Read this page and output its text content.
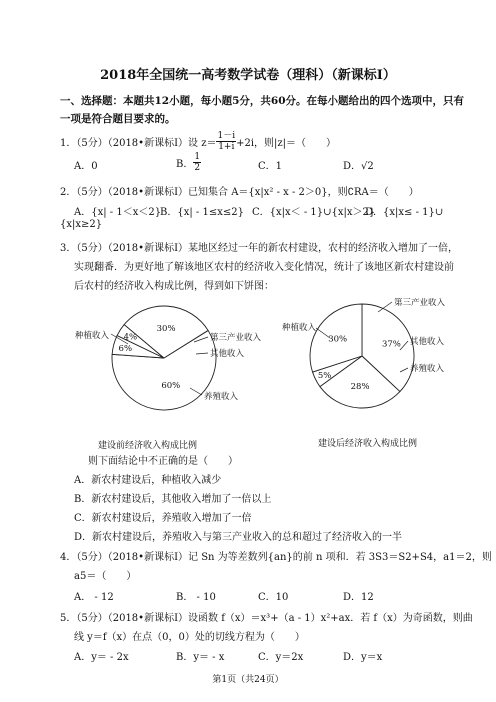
2018年全国统一高考数学试卷（理科）（新课标Ⅰ）
一、选择题：本题共12小题，每小题5分，共60分。在每小题给出的四个选项中，只有
一项是符合题目要求的。
1．（5分）（2018•新课标Ⅰ）设 $z= \frac{1-i}{1+i} +2i$，则|z|＝（　　）
A．0	B． $\frac{1}{2}$	C．1	D．√2
2．（5分）（2018•新课标Ⅰ）已知集合 A＝{x|x² - x - 2＞0}，则∁RA＝（　　）
A．{x| - 1＜x＜2}
B．{x| - 1≤x≤2} C．{x|x＜ - 1}∪{x|x＞2}
D．{x|x≤ - 1}∪
{x|x≥2}
3．（5分）（2018•新课标Ⅰ）某地区经过一年的新农村建设，农村的经济收入增加了一倍，
实现翻番．为更好地了解该地区农村的经济收入变化情况，统计了该地区新农村建设前
后农村的经济收入构成比例，得到如下饼图：
60%
6%
4%
30%
种植收入	第三产业收入
其他收入
养殖收入
建设前经济收入构成比例
37%
28%
5%
30%
种植收入
第三产业收入
其他收入
养殖收入
建设后经济收入构成比例
则下面结论中不正确的是（　　）
A．新农村建设后，种植收入减少
B．新农村建设后，其他收入增加了一倍以上
C．新农村建设后，养殖收入增加了一倍
D．新农村建设后，养殖收入与第三产业收入的总和超过了经济收入的一半
4．（5分）（2018•新课标Ⅰ）记 Sn 为等差数列{an}的前 n 项和．若 3S3＝S2+S4，a1＝2，则
a5＝（　　）
A． - 12	B． - 10	C．10	D．12
5．（5分）（2018•新课标Ⅰ）设函数 f（x）＝x³+（a - 1）x²+ax．若 f（x）为奇函数，则曲
线 y＝f（x）在点（0，0）处的切线方程为（　　）
A．y＝ - 2x	B．y＝ - x	C．y＝2x	D．y＝x
第1页（共24页）
